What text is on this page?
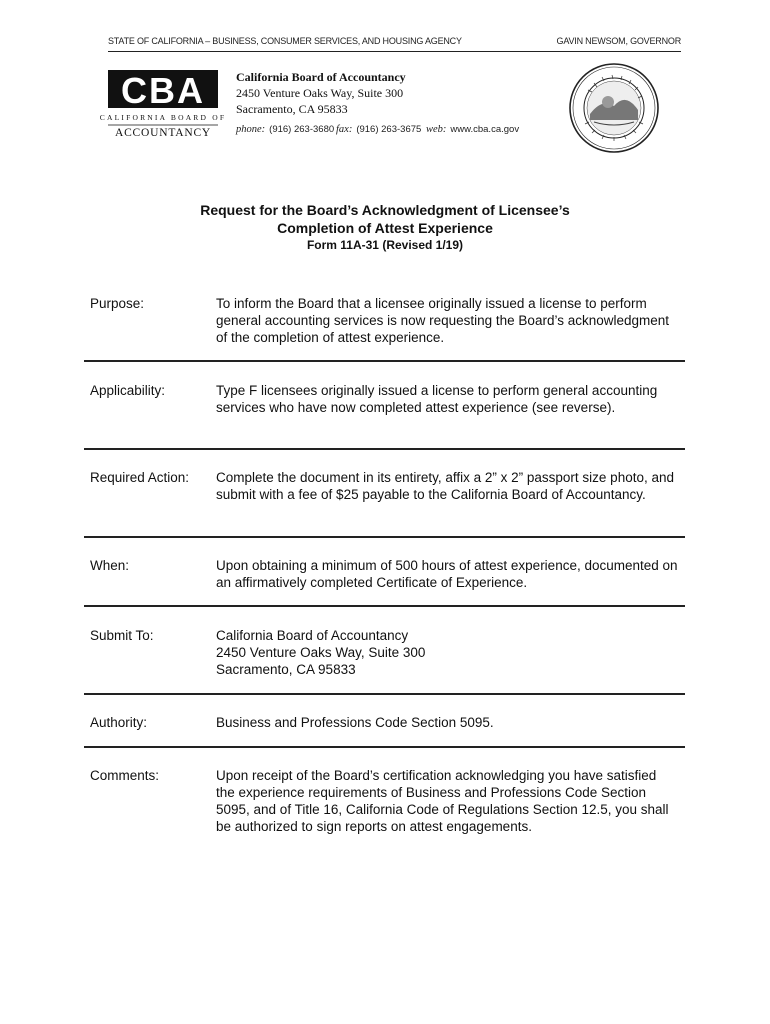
STATE OF CALIFORNIA – BUSINESS, CONSUMER SERVICES, AND HOUSING AGENCY	GAVIN NEWSOM, GOVERNOR
CBA
CALIFORNIA BOARD OF
ACCOUNTANCY
California Board of Accountancy
2450 Venture Oaks Way, Suite 300
Sacramento, CA 95833
phone: (916) 263-3680 fax: (916) 263-3675 web: www.cba.ca.gov
Request for the Board’s Acknowledgment of Licensee’s
Completion of Attest Experience
Form 11A-31 (Revised 1/19)
Purpose:	To inform the Board that a licensee originally issued a license to perform general accounting services is now requesting the Board’s acknowledgment of the completion of attest experience.
Applicability:	Type F licensees originally issued a license to perform general accounting services who have now completed attest experience (see reverse).
Required Action:	Complete the document in its entirety, affix a 2” x 2” passport size photo, and submit with a fee of $25 payable to the California Board of Accountancy.
When:	Upon obtaining a minimum of 500 hours of attest experience, documented on an affirmatively completed Certificate of Experience.
Submit To:	California Board of Accountancy
2450 Venture Oaks Way, Suite 300
Sacramento, CA 95833
Authority:	Business and Professions Code Section 5095.
Comments:	Upon receipt of the Board’s certification acknowledging you have satisfied the experience requirements of Business and Professions Code Section 5095, and of Title 16, California Code of Regulations Section 12.5, you shall be authorized to sign reports on attest engagements.
